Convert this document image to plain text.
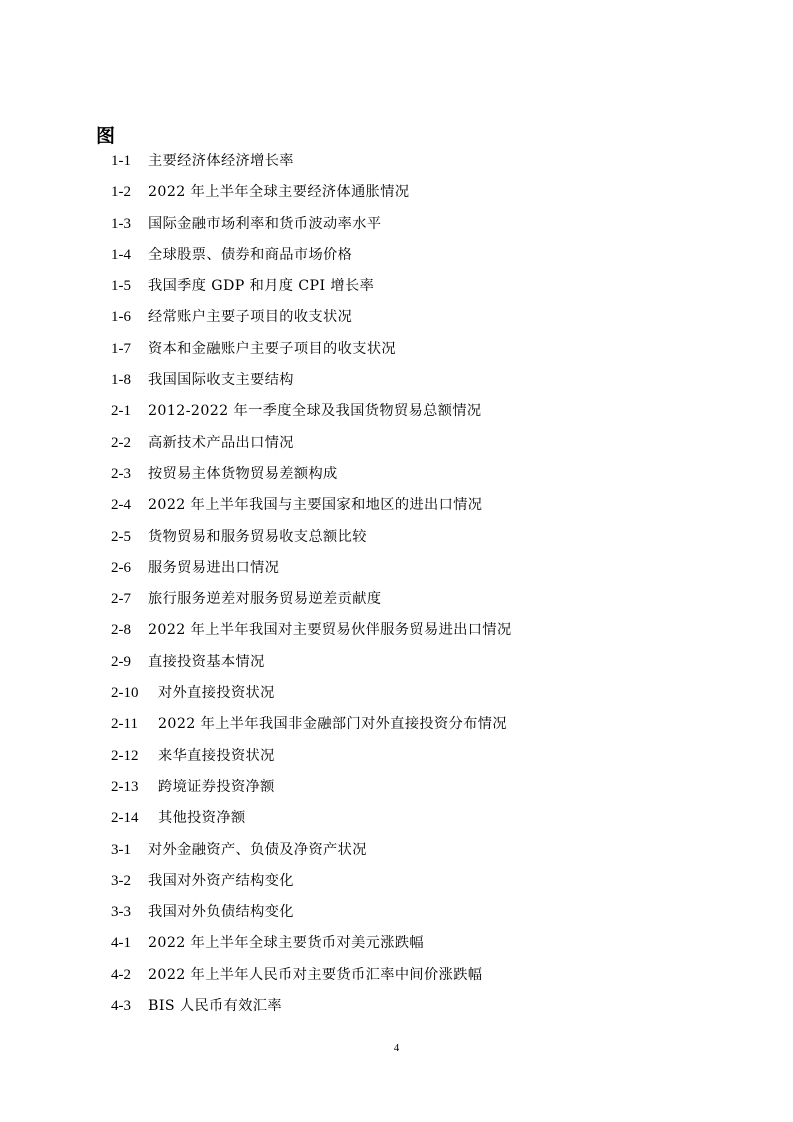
图
1-1	主要经济体经济增长率
1-2	2022 年上半年全球主要经济体通胀情况
1-3	国际金融市场利率和货币波动率水平
1-4	全球股票、债券和商品市场价格
1-5	我国季度 GDP 和月度 CPI 增长率
1-6	经常账户主要子项目的收支状况
1-7	资本和金融账户主要子项目的收支状况
1-8	我国国际收支主要结构
2-1	2012-2022 年一季度全球及我国货物贸易总额情况
2-2	高新技术产品出口情况
2-3	按贸易主体货物贸易差额构成
2-4	2022 年上半年我国与主要国家和地区的进出口情况
2-5	货物贸易和服务贸易收支总额比较
2-6	服务贸易进出口情况
2-7	旅行服务逆差对服务贸易逆差贡献度
2-8	2022 年上半年我国对主要贸易伙伴服务贸易进出口情况
2-9	直接投资基本情况
2-10	对外直接投资状况
2-11	2022 年上半年我国非金融部门对外直接投资分布情况
2-12	来华直接投资状况
2-13	跨境证券投资净额
2-14	其他投资净额
3-1	对外金融资产、负债及净资产状况
3-2	我国对外资产结构变化
3-3	我国对外负债结构变化
4-1	2022 年上半年全球主要货币对美元涨跌幅
4-2	2022 年上半年人民币对主要货币汇率中间价涨跌幅
4-3	BIS 人民币有效汇率
4
